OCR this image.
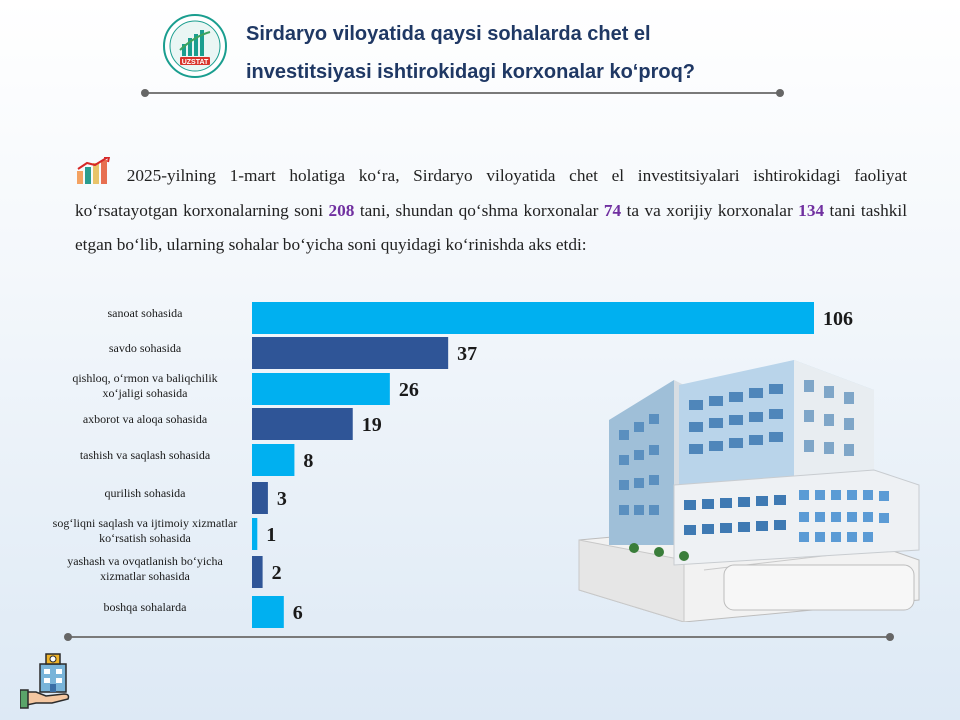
UZSTAT
Sirdaryo viloyatida qaysi sohalarda chet el
investitsiyasi ishtirokidagi korxonalar ko‘proq?
2025-yilning 1-mart holatiga ko‘ra, Sirdaryo viloyatida chet el investitsiyalari ishtirokidagi faoliyat ko‘rsatayotgan korxonalarning soni 208 tani, shundan qo‘shma korxonalar 74 ta va xorijiy korxonalar 134 tani tashkil etgan bo‘lib, ularning sohalar bo‘yicha soni quyidagi ko‘rinishda aks etdi:
106
sanoat sohasida
37
savdo sohasida
26
qishloq, o‘rmon va baliqchilik xo‘jaligi sohasida
19
axborot va aloqa sohasida
8
tashish va saqlash sohasida
3
qurilish sohasida
1
sog‘liqni saqlash va ijtimoiy xizmatlar ko‘rsatish sohasida
2
yashash va ovqatlanish bo‘yicha xizmatlar sohasida
6
boshqa sohalarda
